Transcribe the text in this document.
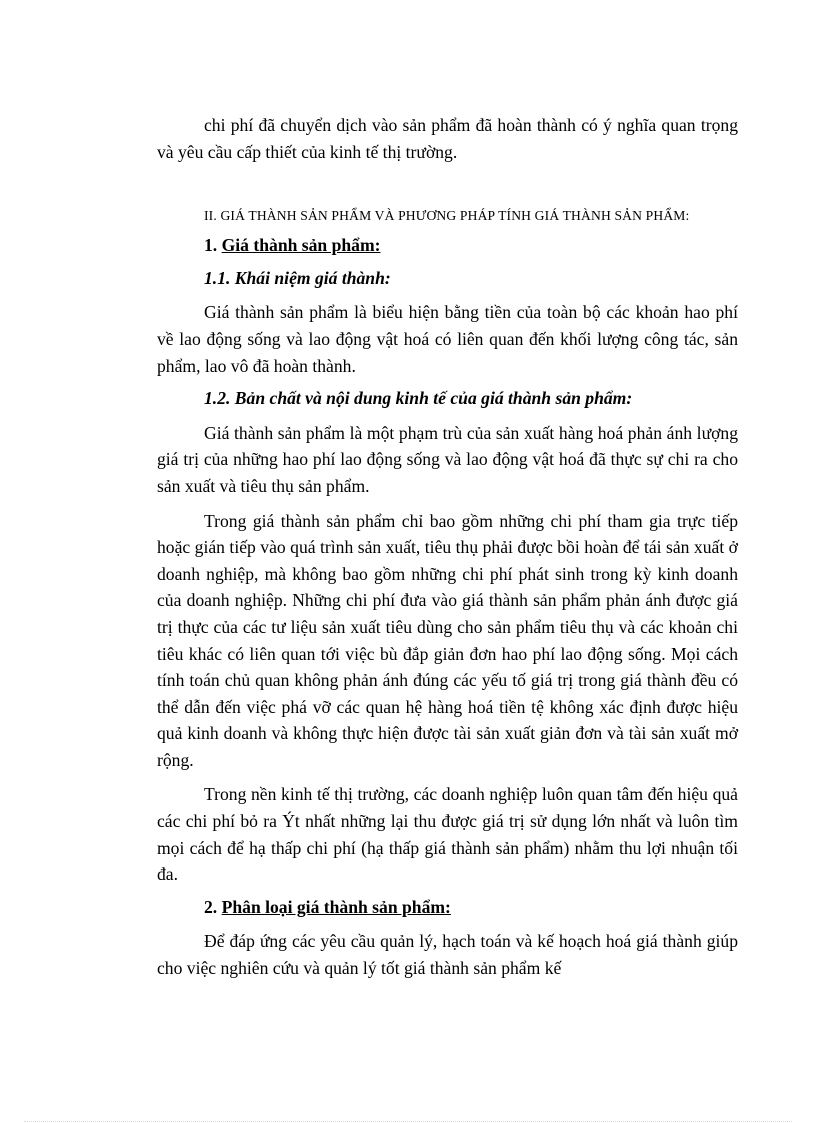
chi phí đã chuyển dịch vào sản phẩm đã hoàn thành có ý nghĩa quan trọng và yêu cầu cấp thiết của kinh tế thị trường.

II. GIÁ THÀNH SẢN PHẨM VÀ PHƯƠNG PHÁP TÍNH GIÁ THÀNH SẢN PHẨM:

1. Giá thành sản phẩm:

1.1. Khái niệm giá thành:

Giá thành sản phẩm là biểu hiện bằng tiền của toàn bộ các khoản hao phí về lao động sống và lao động vật hoá có liên quan đến khối lượng công tác, sản phẩm, lao vô đã hoàn thành.

1.2. Bản chất và nội dung kinh tế của giá thành sản phẩm:

Giá thành sản phẩm là một phạm trù của sản xuất hàng hoá phản ánh lượng giá trị của những hao phí lao động sống và lao động vật hoá đã thực sự chi ra cho sản xuất và tiêu thụ sản phẩm.

Trong giá thành sản phẩm chỉ bao gồm những chi phí tham gia trực tiếp hoặc gián tiếp vào quá trình sản xuất, tiêu thụ phải được bồi hoàn để tái sản xuất ở doanh nghiệp, mà không bao gồm những chi phí phát sinh trong kỳ kinh doanh của doanh nghiệp. Những chi phí đưa vào giá thành sản phẩm phản ánh được giá trị thực của các tư liệu sản xuất tiêu dùng cho sản phẩm tiêu thụ và các khoản chi tiêu khác có liên quan tới việc bù đắp giản đơn hao phí lao động sống. Mọi cách tính toán chủ quan không phản ánh đúng các yếu tố giá trị trong giá thành đều có thể dẫn đến việc phá vỡ các quan hệ hàng hoá tiền tệ không xác định được hiệu quả kinh doanh và không thực hiện được tài sản xuất giản đơn và tài sản xuất mở rộng.

Trong nền kinh tế thị trường, các doanh nghiệp luôn quan tâm đến hiệu quả các chi phí bỏ ra Ýt nhất những lại thu được giá trị sử dụng lớn nhất và luôn tìm mọi cách để hạ thấp chi phí (hạ thấp giá thành sản phẩm) nhằm thu lợi nhuận tối đa.

2. Phân loại giá thành sản phẩm:

Để đáp ứng các yêu cầu quản lý, hạch toán và kế hoạch hoá giá thành giúp cho việc nghiên cứu và quản lý tốt giá thành sản phẩm kế
